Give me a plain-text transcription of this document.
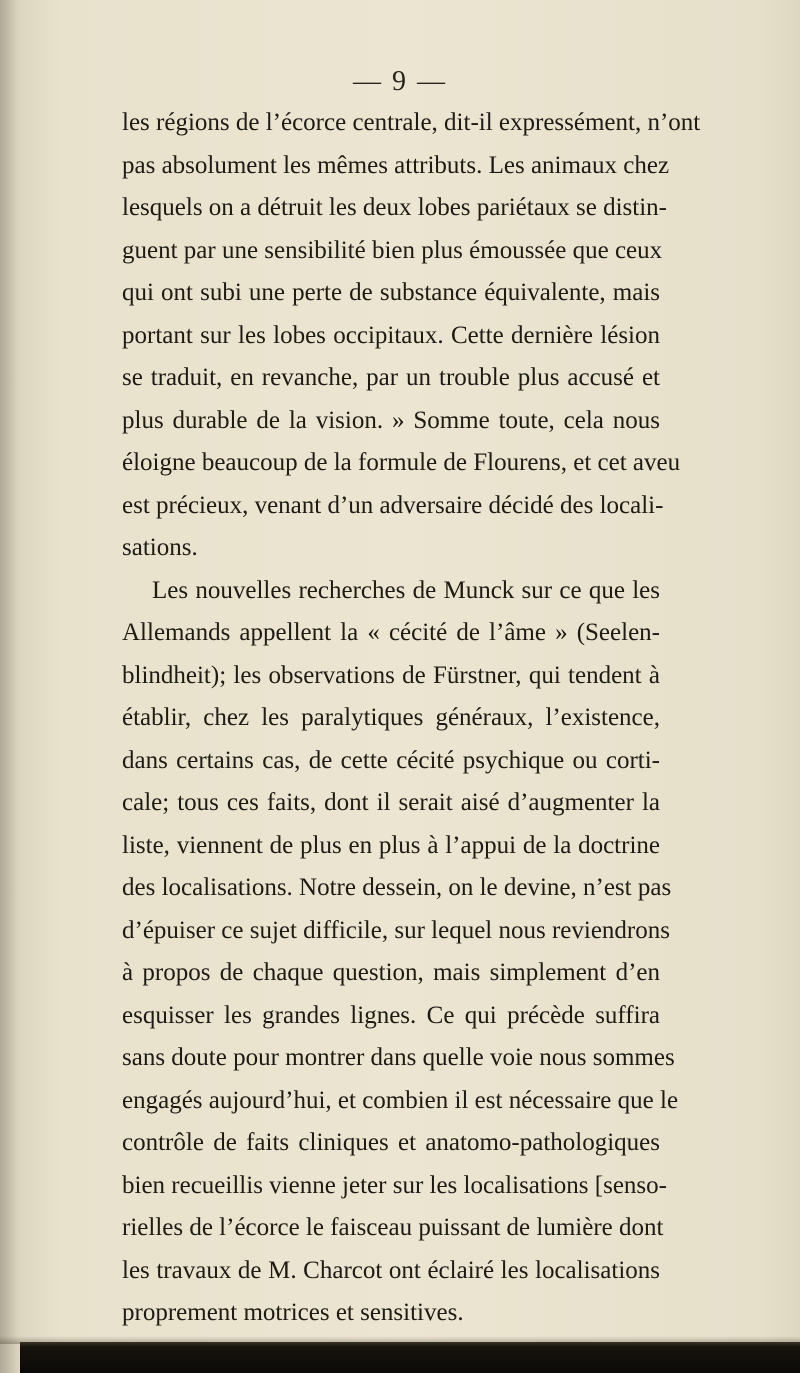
— 9 —
les régions de l’écorce centrale, dit-il expressément, n’ont
pas absolument les mêmes attributs. Les animaux chez
lesquels on a détruit les deux lobes pariétaux se distin-
guent par une sensibilité bien plus émoussée que ceux
qui ont subi une perte de substance équivalente, mais
portant sur les lobes occipitaux. Cette dernière lésion
se traduit, en revanche, par un trouble plus accusé et
plus durable de la vision. » Somme toute, cela nous
éloigne beaucoup de la formule de Flourens, et cet aveu
est précieux, venant d’un adversaire décidé des locali-
sations.
Les nouvelles recherches de Munck sur ce que les
Allemands appellent la « cécité de l’âme » (Seelen-
blindheit); les observations de Fürstner, qui tendent à
établir, chez les paralytiques généraux, l’existence,
dans certains cas, de cette cécité psychique ou corti-
cale; tous ces faits, dont il serait aisé d’augmenter la
liste, viennent de plus en plus à l’appui de la doctrine
des localisations. Notre dessein, on le devine, n’est pas
d’épuiser ce sujet difficile, sur lequel nous reviendrons
à propos de chaque question, mais simplement d’en
esquisser les grandes lignes. Ce qui précède suffira
sans doute pour montrer dans quelle voie nous sommes
engagés aujourd’hui, et combien il est nécessaire que le
contrôle de faits cliniques et anatomo-pathologiques
bien recueillis vienne jeter sur les localisations [senso-
rielles de l’écorce le faisceau puissant de lumière dont
les travaux de M. Charcot ont éclairé les localisations
proprement motrices et sensitives.
